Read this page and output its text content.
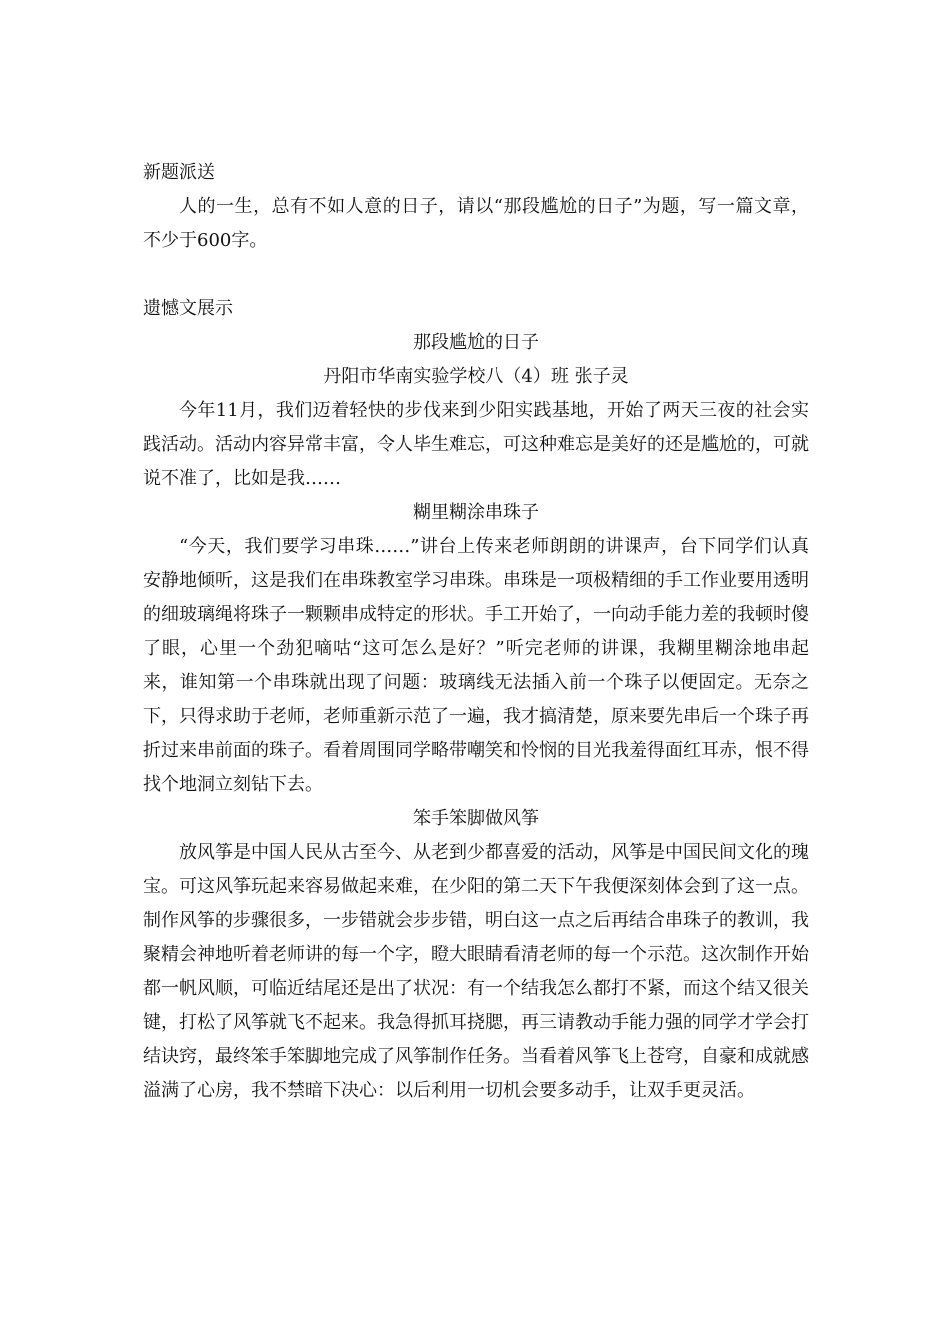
新题派送

人的一生，总有不如人意的日子，请以“那段尴尬的日子”为题，写一篇文章，不少于600字。

遗憾文展示

那段尴尬的日子

丹阳市华南实验学校八（4）班 张子灵

今年11月，我们迈着轻快的步伐来到少阳实践基地，开始了两天三夜的社会实践活动。活动内容异常丰富，令人毕生难忘，可这种难忘是美好的还是尴尬的，可就说不准了，比如是我……

糊里糊涂串珠子

“今天，我们要学习串珠……”讲台上传来老师朗朗的讲课声，台下同学们认真安静地倾听，这是我们在串珠教室学习串珠。串珠是一项极精细的手工作业要用透明的细玻璃绳将珠子一颗颗串成特定的形状。手工开始了，一向动手能力差的我顿时傻了眼，心里一个劲犯嘀咕“这可怎么是好？”听完老师的讲课，我糊里糊涂地串起来，谁知第一个串珠就出现了问题：玻璃线无法插入前一个珠子以便固定。无奈之下，只得求助于老师，老师重新示范了一遍，我才搞清楚，原来要先串后一个珠子再折过来串前面的珠子。看着周围同学略带嘲笑和怜悯的目光我羞得面红耳赤，恨不得找个地洞立刻钻下去。

笨手笨脚做风筝

放风筝是中国人民从古至今、从老到少都喜爱的活动，风筝是中国民间文化的瑰宝。可这风筝玩起来容易做起来难，在少阳的第二天下午我便深刻体会到了这一点。制作风筝的步骤很多，一步错就会步步错，明白这一点之后再结合串珠子的教训，我聚精会神地听着老师讲的每一个字，瞪大眼睛看清老师的每一个示范。这次制作开始都一帆风顺，可临近结尾还是出了状况：有一个结我怎么都打不紧，而这个结又很关键，打松了风筝就飞不起来。我急得抓耳挠腮，再三请教动手能力强的同学才学会打结诀窍，最终笨手笨脚地完成了风筝制作任务。当看着风筝飞上苍穹，自豪和成就感溢满了心房，我不禁暗下决心：以后利用一切机会要多动手，让双手更灵活。
